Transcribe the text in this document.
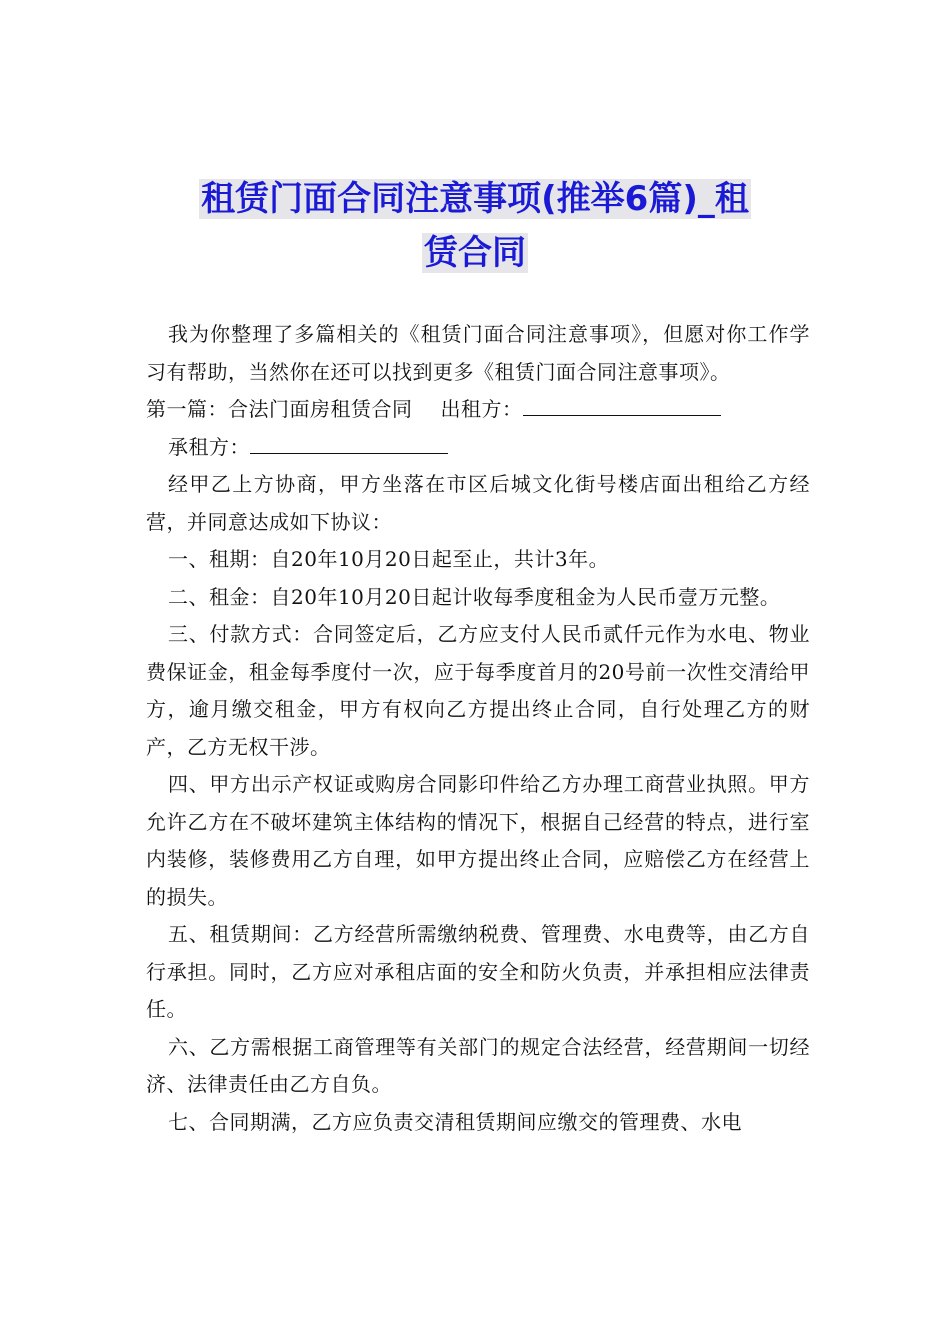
租赁门面合同注意事项(推举6篇)_租
赁合同

我为你整理了多篇相关的《租赁门面合同注意事项》，但愿对你工作学习有帮助，当然你在还可以找到更多《租赁门面合同注意事项》。

第一篇：合法门面房租赁合同 出租方：

承租方：

经甲乙上方协商，甲方坐落在市区后城文化街号楼店面出租给乙方经营，并同意达成如下协议：

一、租期：自20年10月20日起至止，共计3年。

二、租金：自20年10月20日起计收每季度租金为人民币壹万元整。

三、付款方式：合同签定后，乙方应支付人民币贰仟元作为水电、物业费保证金，租金每季度付一次，应于每季度首月的20号前一次性交清给甲方，逾月缴交租金，甲方有权向乙方提出终止合同，自行处理乙方的财产，乙方无权干涉。

四、甲方出示产权证或购房合同影印件给乙方办理工商营业执照。甲方允许乙方在不破坏建筑主体结构的情况下，根据自己经营的特点，进行室内装修，装修费用乙方自理，如甲方提出终止合同，应赔偿乙方在经营上的损失。

五、租赁期间：乙方经营所需缴纳税费、管理费、水电费等，由乙方自行承担。同时，乙方应对承租店面的安全和防火负责，并承担相应法律责任。

六、乙方需根据工商管理等有关部门的规定合法经营，经营期间一切经济、法律责任由乙方自负。

七、合同期满，乙方应负责交清租赁期间应缴交的管理费、水电
